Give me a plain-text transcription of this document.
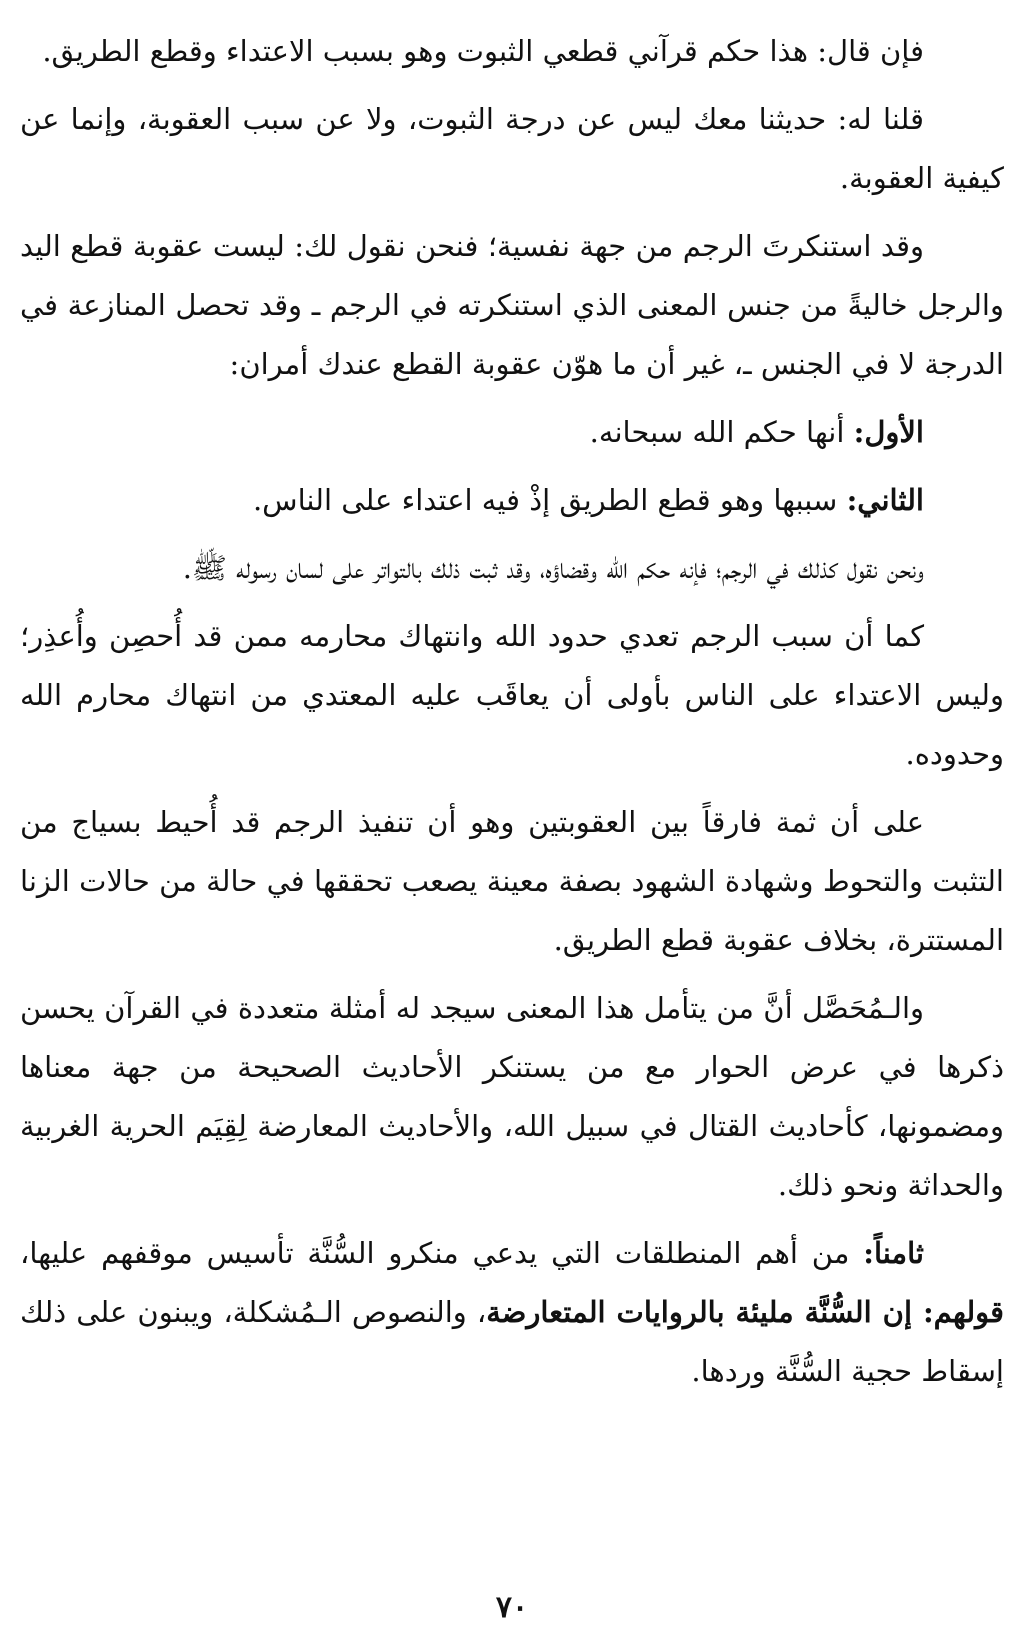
فإن قال: هذا حكم قرآني قطعي الثبوت وهو بسبب الاعتداء وقطع الطريق.

قلنا له: حديثنا معك ليس عن درجة الثبوت، ولا عن سبب العقوبة، وإنما عن كيفية العقوبة.

وقد استنكرتَ الرجم من جهة نفسية؛ فنحن نقول لك: ليست عقوبة قطع اليد والرجل خاليةً من جنس المعنى الذي استنكرته في الرجم ـ وقد تحصل المنازعة في الدرجة لا في الجنس ـ، غير أن ما هوّن عقوبة القطع عندك أمران:

الأول: أنها حكم الله سبحانه.

الثاني: سببها وهو قطع الطريق إذْ فيه اعتداء على الناس.

ونحن نقول كذلك في الرجم؛ فإنه حكم الله وقضاؤه، وقد ثبت ذلك بالتواتر على لسان رسوله ﷺ.

كما أن سبب الرجم تعدي حدود الله وانتهاك محارمه ممن قد أُحصِن وأُعذِر؛ وليس الاعتداء على الناس بأولى أن يعاقَب عليه المعتدي من انتهاك محارم الله وحدوده.

على أن ثمة فارقاً بين العقوبتين وهو أن تنفيذ الرجم قد أُحيط بسياج من التثبت والتحوط وشهادة الشهود بصفة معينة يصعب تحققها في حالة من حالات الزنا المستترة، بخلاف عقوبة قطع الطريق.

والـمُحَصَّل أنَّ من يتأمل هذا المعنى سيجد له أمثلة متعددة في القرآن يحسن ذكرها في عرض الحوار مع من يستنكر الأحاديث الصحيحة من جهة معناها ومضمونها، كأحاديث القتال في سبيل الله، والأحاديث المعارضة لِقِيَم الحرية الغربية والحداثة ونحو ذلك.

ثامناً: من أهم المنطلقات التي يدعي منكرو السُّنَّة تأسيس موقفهم عليها، قولهم: إن السُّنَّة مليئة بالروايات المتعارضة، والنصوص الـمُشكلة، ويبنون على ذلك إسقاط حجية السُّنَّة وردها.

٧٠
